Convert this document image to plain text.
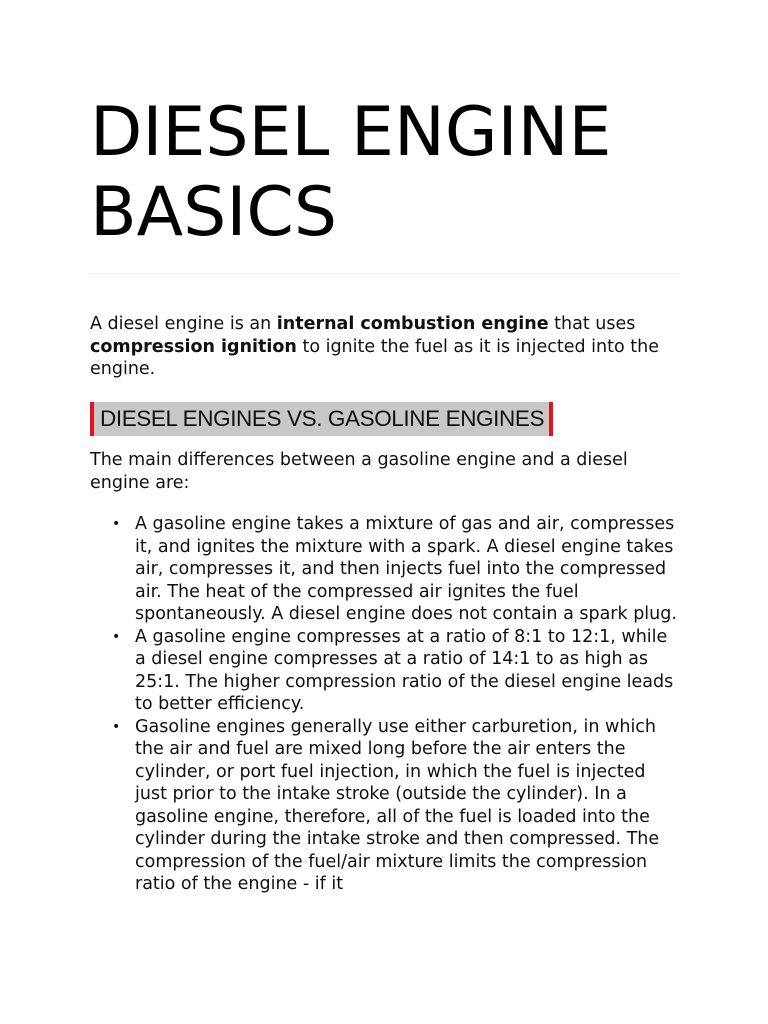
DIESEL ENGINE
BASICS

A diesel engine is an internal combustion engine that uses compression ignition to ignite the fuel as it is injected into the engine.

DIESEL ENGINES VS. GASOLINE ENGINES

The main differences between a gasoline engine and a diesel engine are:

• A gasoline engine takes a mixture of gas and air, compresses it, and ignites the mixture with a spark. A diesel engine takes air, compresses it, and then injects fuel into the compressed air. The heat of the compressed air ignites the fuel spontaneously. A diesel engine does not contain a spark plug.
• A gasoline engine compresses at a ratio of 8:1 to 12:1, while a diesel engine compresses at a ratio of 14:1 to as high as 25:1. The higher compression ratio of the diesel engine leads to better efficiency.
• Gasoline engines generally use either carburetion, in which the air and fuel are mixed long before the air enters the cylinder, or port fuel injection, in which the fuel is injected just prior to the intake stroke (outside the cylinder). In a gasoline engine, therefore, all of the fuel is loaded into the cylinder during the intake stroke and then compressed. The compression of the fuel/air mixture limits the compression ratio of the engine - if it
